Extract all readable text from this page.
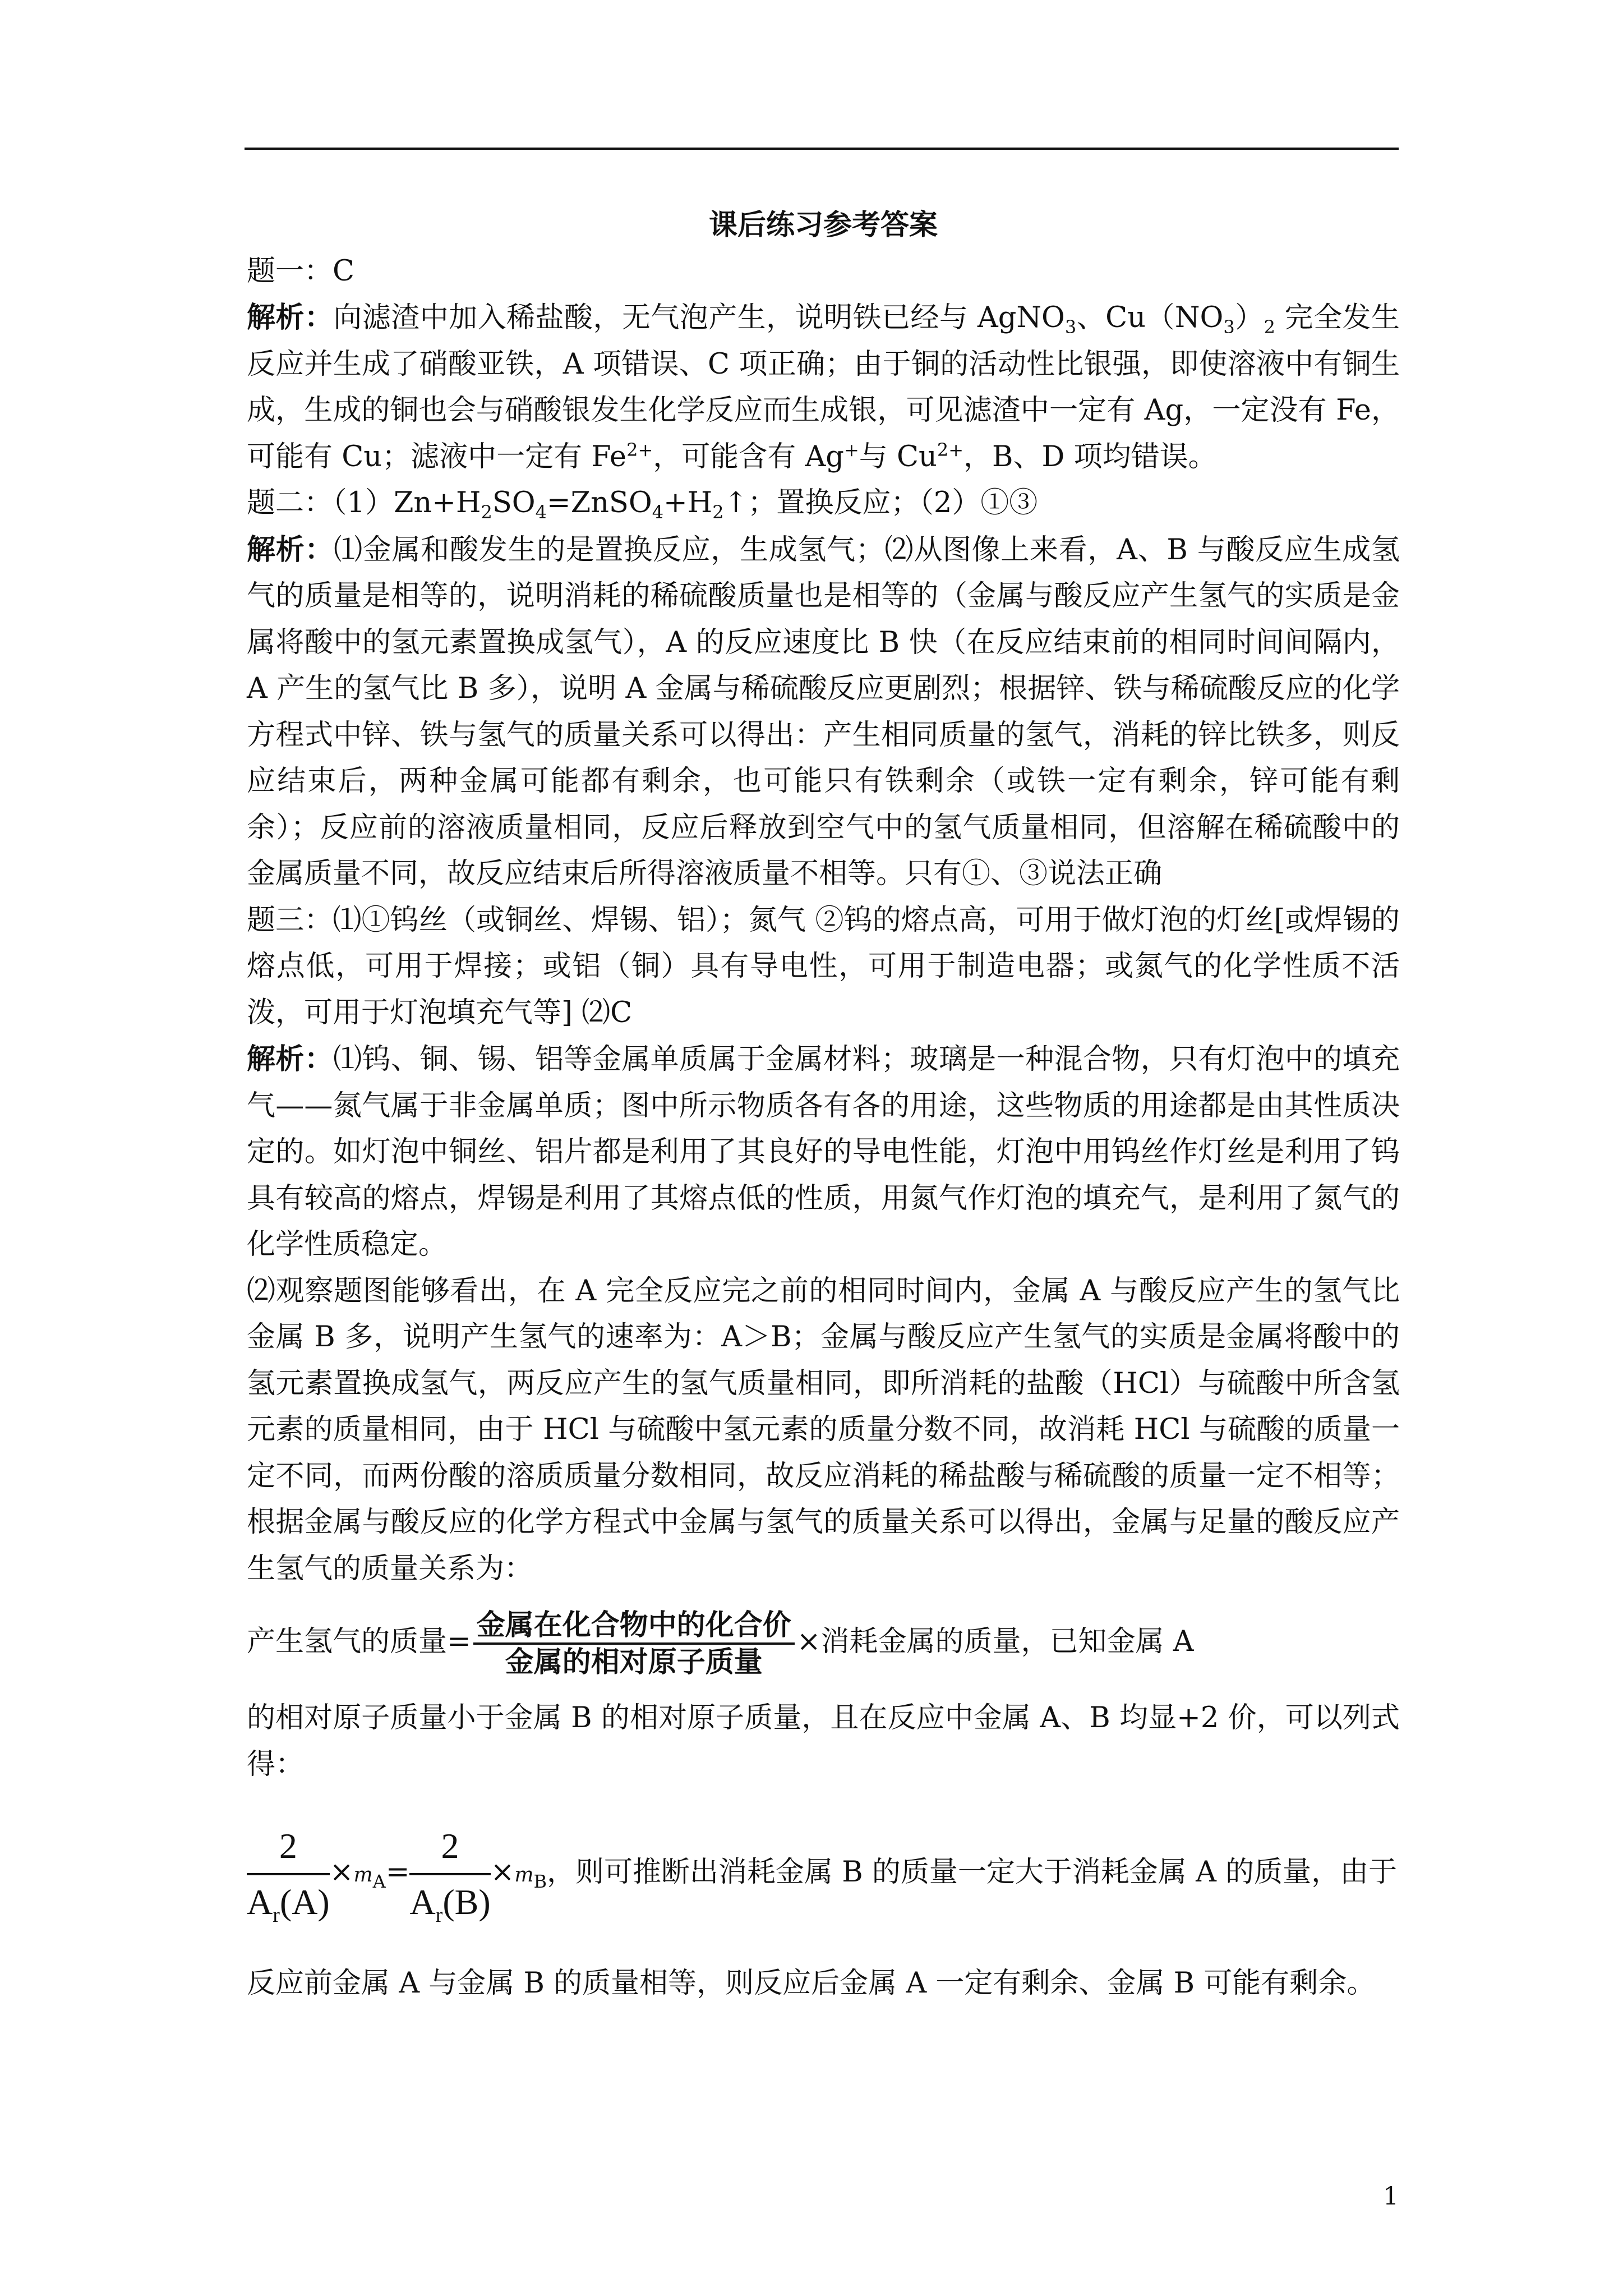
课后练习参考答案

题一：C

解析：向滤渣中加入稀盐酸，无气泡产生，说明铁已经与 AgNO$_3$、$Cu(NO_3)_2$ 完全发生反应并生成了硝酸亚铁，A 项错误、C 项正确；由于铜的活动性比银强，即使溶液中有铜生成，生成的铜也会与硝酸银发生化学反应而生成银，可见滤渣中一定有 Ag，一定没有 Fe，可能有 Cu；滤液中一定有 $Fe^{2+}$，可能含有 Ag+与 $Cu^{2+}$，B、D 项均错误。

题二：$(1)Zn+H_2SO_4=ZnSO_4+H_2↑$；置换反应；（2）①③

解析：⑴金属和酸发生的是置换反应，生成氢气；⑵从图像上来看，A、B 与酸反应生成氢气的质量是相等的，说明消耗的稀硫酸质量也是相等的（金属与酸反应产生氢气的实质是金属将酸中的氢元素置换成氢气），A 的反应速度比 B 快（在反应结束前的相同时间间隔内，A 产生的氢气比 B 多），说明 A 金属与稀硫酸反应更剧烈；根据锌、铁与稀硫酸反应的化学方程式中锌、铁与氢气的质量关系可以得出：产生相同质量的氢气，消耗的锌比铁多，则反应结束后，两种金属可能都有剩余，也可能只有铁剩余（或铁一定有剩余，锌可能有剩余）；反应前的溶液质量相同，反应后释放到空气中的氢气质量相同，但溶解在稀硫酸中的金属质量不同，故反应结束后所得溶液质量不相等。只有①、③说法正确

题三：⑴①钨丝（或铜丝、焊锡、铝）；氮气 ②钨的熔点高，可用于做灯泡的灯丝[或焊锡的熔点低，可用于焊接；或铝（铜）具有导电性，可用于制造电器；或氮气的化学性质不活泼，可用于灯泡填充气等] ⑵C

解析：⑴钨、铜、锡、铝等金属单质属于金属材料；玻璃是一种混合物，只有灯泡中的填充气——氮气属于非金属单质；图中所示物质各有各的用途，这些物质的用途都是由其性质决定的。如灯泡中铜丝、铝片都是利用了其良好的导电性能，灯泡中用钨丝作灯丝是利用了钨具有较高的熔点，焊锡是利用了其熔点低的性质，用氮气作灯泡的填充气，是利用了氮气的化学性质稳定。

⑵观察题图能够看出，在 A 完全反应完之前的相同时间内，金属 A 与酸反应产生的氢气比金属 B 多，说明产生氢气的速率为：A＞B；金属与酸反应产生氢气的实质是金属将酸中的氢元素置换成氢气，两反应产生的氢气质量相同，即所消耗的盐酸（HCl）与硫酸中所含氢元素的质量相同，由于 HCl 与硫酸中氢元素的质量分数不同，故消耗 HCl 与硫酸的质量一定不同，而两份酸的溶质质量分数相同，故反应消耗的稀盐酸与稀硫酸的质量一定不相等；根据金属与酸反应的化学方程式中金属与氢气的质量关系可以得出，金属与足量的酸反应产生氢气的质量关系为：

产生氢气的质量= $\frac{\text{金属在化合物中的化合价}}{\text{金属的相对原子质量}}$ ×消耗金属的质量，已知金属 A

的相对原子质量小于金属 B 的相对原子质量，且在反应中金属 A、B 均显+2 价，可以列式得：

$\frac{2}{A_r(A)} \times m_A= \frac{2}{A_r(B)} \times m_B$，则可推断出消耗金属 B 的质量一定大于消耗金属 A 的质量，由于

反应前金属 A 与金属 B 的质量相等，则反应后金属 A 一定有剩余、金属 B 可能有剩余。

1
